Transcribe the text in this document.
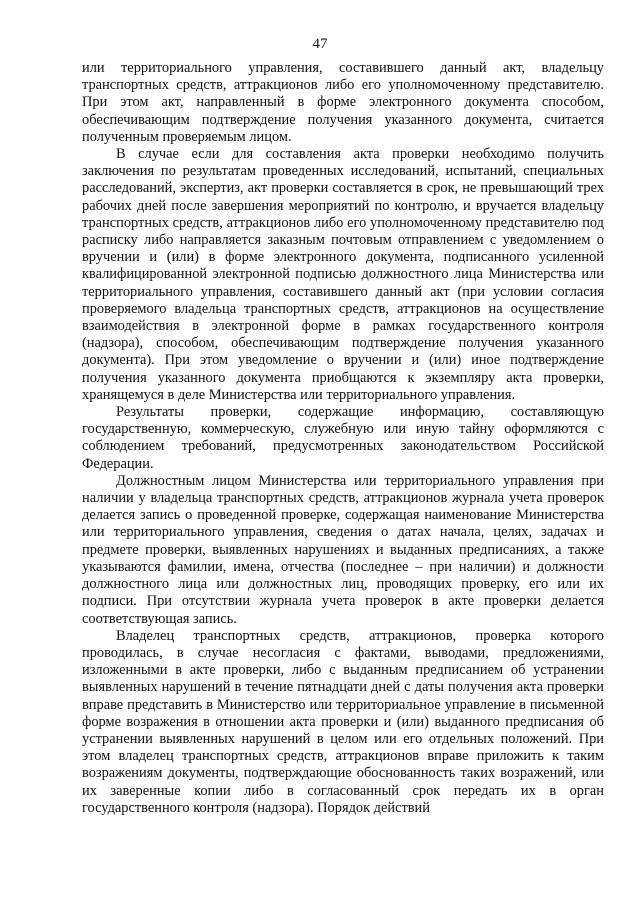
47

или территориального управления, составившего данный акт, владельцу транспортных средств, аттракционов либо его уполномоченному представителю. При этом акт, направленный в форме электронного документа способом, обеспечивающим подтверждение получения указанного документа, считается полученным проверяемым лицом.

В случае если для составления акта проверки необходимо получить заключения по результатам проведенных исследований, испытаний, специальных расследований, экспертиз, акт проверки составляется в срок, не превышающий трех рабочих дней после завершения мероприятий по контролю, и вручается владельцу транспортных средств, аттракционов либо его уполномоченному представителю под расписку либо направляется заказным почтовым отправлением с уведомлением о вручении и (или) в форме электронного документа, подписанного усиленной квалифицированной электронной подписью должностного лица Министерства или территориального управления, составившего данный акт (при условии согласия проверяемого владельца транспортных средств, аттракционов на осуществление взаимодействия в электронной форме в рамках государственного контроля (надзора), способом, обеспечивающим подтверждение получения указанного документа). При этом уведомление о вручении и (или) иное подтверждение получения указанного документа приобщаются к экземпляру акта проверки, хранящемуся в деле Министерства или территориального управления.

Результаты проверки, содержащие информацию, составляющую государственную, коммерческую, служебную или иную тайну оформляются с соблюдением требований, предусмотренных законодательством Российской Федерации.

Должностным лицом Министерства или территориального управления при наличии у владельца транспортных средств, аттракционов журнала учета проверок делается запись о проведенной проверке, содержащая наименование Министерства или территориального управления, сведения о датах начала, целях, задачах и предмете проверки, выявленных нарушениях и выданных предписаниях, а также указываются фамилии, имена, отчества (последнее – при наличии) и должности должностного лица или должностных лиц, проводящих проверку, его или их подписи. При отсутствии журнала учета проверок в акте проверки делается соответствующая запись.

Владелец транспортных средств, аттракционов, проверка которого проводилась, в случае несогласия с фактами, выводами, предложениями, изложенными в акте проверки, либо с выданным предписанием об устранении выявленных нарушений в течение пятнадцати дней с даты получения акта проверки вправе представить в Министерство или территориальное управление в письменной форме возражения в отношении акта проверки и (или) выданного предписания об устранении выявленных нарушений в целом или его отдельных положений. При этом владелец транспортных средств, аттракционов вправе приложить к таким возражениям документы, подтверждающие обоснованность таких возражений, или их заверенные копии либо в согласованный срок передать их в орган государственного контроля (надзора). Порядок действий
